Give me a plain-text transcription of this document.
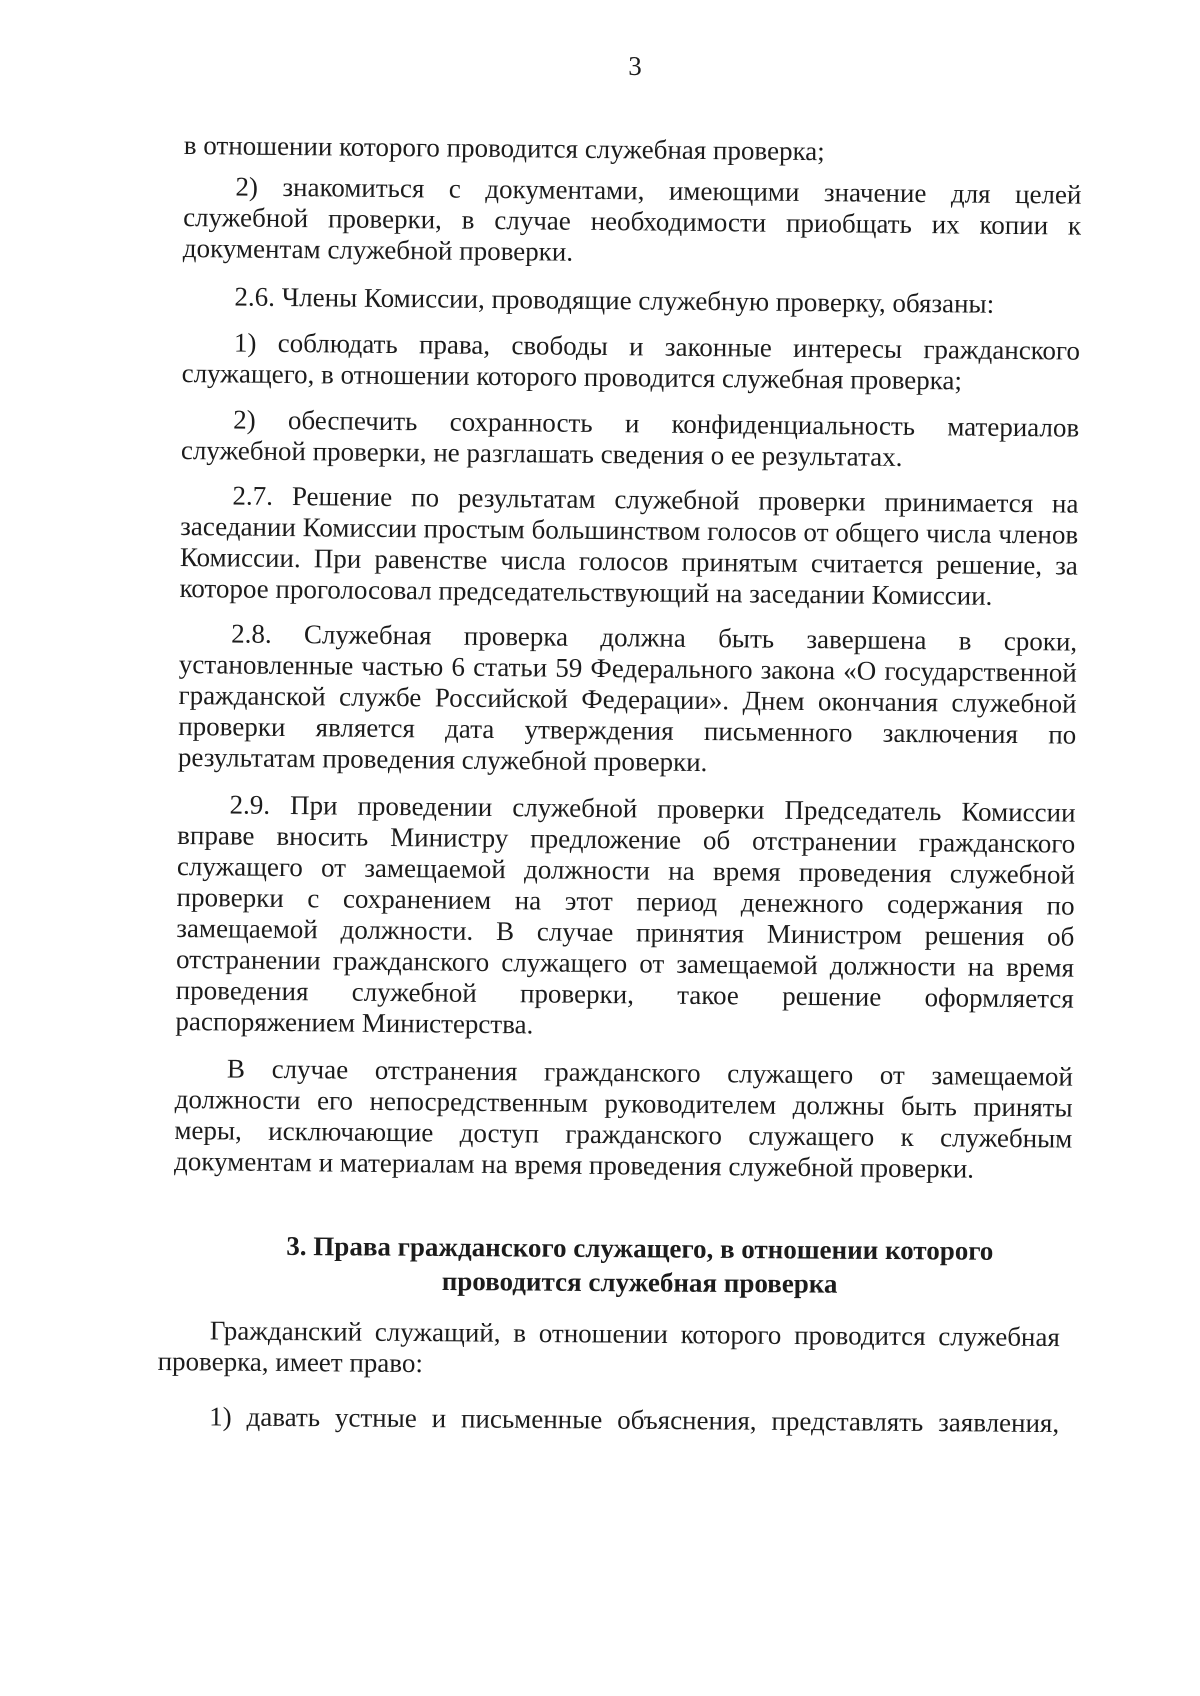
3

в отношении которого проводится служебная проверка;

2) знакомиться с документами, имеющими значение для целей служебной проверки, в случае необходимости приобщать их копии к документам служебной проверки.

2.6. Члены Комиссии, проводящие служебную проверку, обязаны:

1) соблюдать права, свободы и законные интересы гражданского служащего, в отношении которого проводится служебная проверка;

2) обеспечить сохранность и конфиденциальность материалов служебной проверки, не разглашать сведения о ее результатах.

2.7. Решение по результатам служебной проверки принимается на заседании Комиссии простым большинством голосов от общего числа членов Комиссии. При равенстве числа голосов принятым считается решение, за которое проголосовал председательствующий на заседании Комиссии.

2.8. Служебная проверка должна быть завершена в сроки, установленные частью 6 статьи 59 Федерального закона «О государственной гражданской службе Российской Федерации». Днем окончания служебной проверки является дата утверждения письменного заключения по результатам проведения служебной проверки.

2.9. При проведении служебной проверки Председатель Комиссии вправе вносить Министру предложение об отстранении гражданского служащего от замещаемой должности на время проведения служебной проверки с сохранением на этот период денежного содержания по замещаемой должности. В случае принятия Министром решения об отстранении гражданского служащего от замещаемой должности на время проведения служебной проверки, такое решение оформляется распоряжением Министерства.

В случае отстранения гражданского служащего от замещаемой должности его непосредственным руководителем должны быть приняты меры, исключающие доступ гражданского служащего к служебным документам и материалам на время проведения служебной проверки.

3. Права гражданского служащего, в отношении которого
проводится служебная проверка

Гражданский служащий, в отношении которого проводится служебная проверка, имеет право:

1) давать устные и письменные объяснения, представлять заявления,
